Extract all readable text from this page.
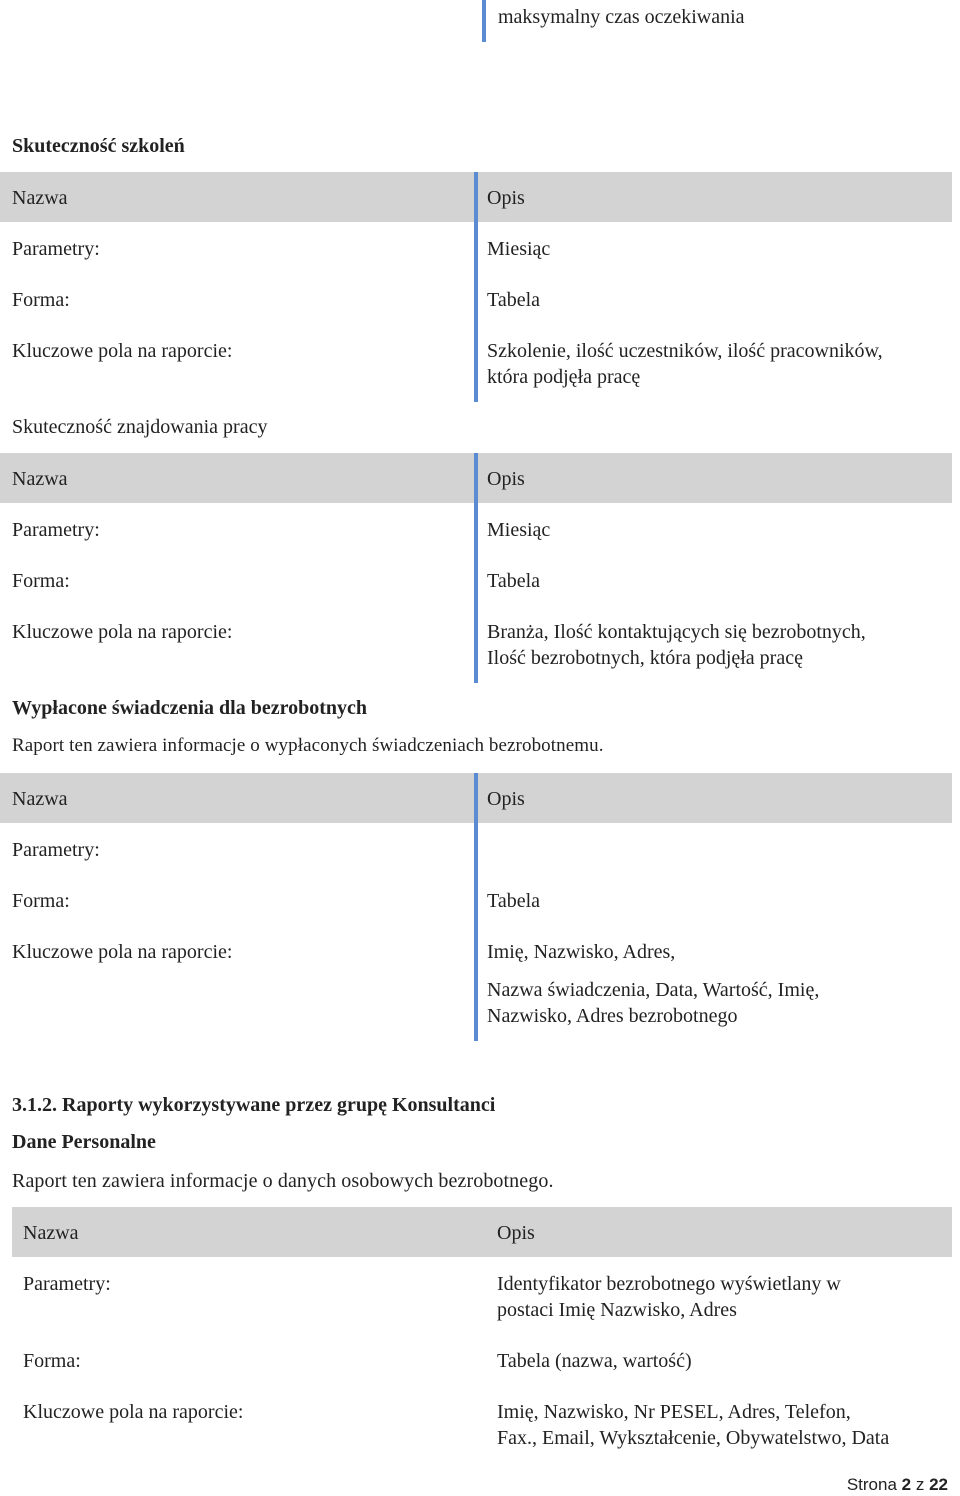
maksymalny czas oczekiwania
Skuteczność szkoleń
Nazwa	Opis
Parametry:	Miesiąc
Forma:	Tabela
Kluczowe pola na raporcie:	Szkolenie, ilość uczestników, ilość pracowników,
która podjęła pracę
Skuteczność znajdowania pracy
Nazwa	Opis
Parametry:	Miesiąc
Forma:	Tabela
Kluczowe pola na raporcie:	Branża, Ilość kontaktujących się bezrobotnych,
Ilość bezrobotnych, która podjęła pracę
Wypłacone świadczenia dla bezrobotnych
Raport ten zawiera informacje o wypłaconych świadczeniach bezrobotnemu.
Nazwa	Opis
Parametry:
Forma:	Tabela
Kluczowe pola na raporcie:	Imię, Nazwisko, Adres,
Nazwa świadczenia, Data, Wartość, Imię,
Nazwisko, Adres bezrobotnego
3.1.2. Raporty wykorzystywane przez grupę Konsultanci
Dane Personalne
Raport ten zawiera informacje o danych osobowych bezrobotnego.
Nazwa	Opis
Parametry:	Identyfikator bezrobotnego wyświetlany w
postaci Imię Nazwisko, Adres
Forma:	Tabela (nazwa, wartość)
Kluczowe pola na raporcie:	Imię, Nazwisko, Nr PESEL, Adres, Telefon,
Fax., Email, Wykształcenie, Obywatelstwo, Data
Strona 2 z 22
